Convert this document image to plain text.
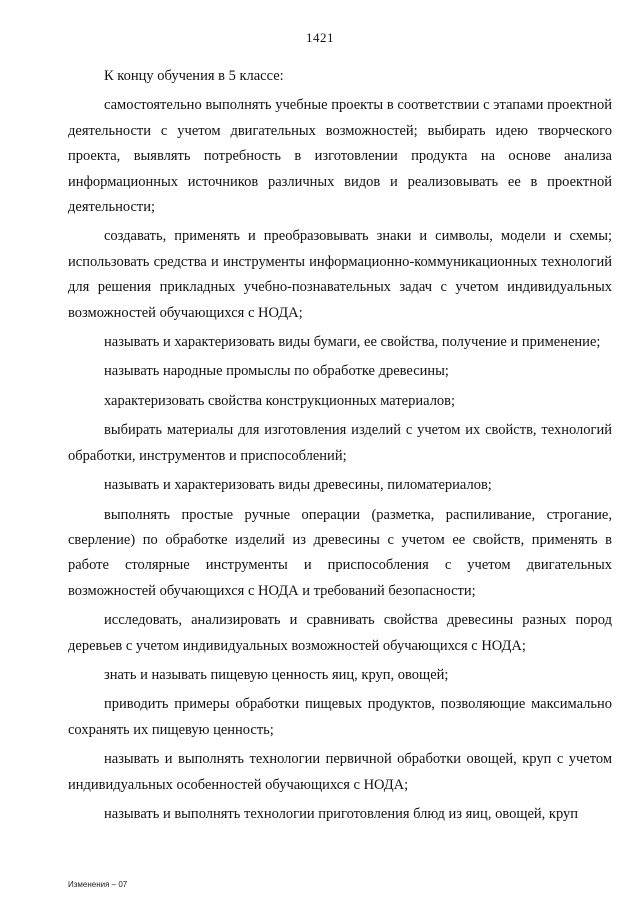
1421

К концу обучения в 5 классе:

самостоятельно выполнять учебные проекты в соответствии с этапами проектной деятельности с учетом двигательных возможностей; выбирать идею творческого проекта, выявлять потребность в изготовлении продукта на основе анализа информационных источников различных видов и реализовывать ее в проектной деятельности;

создавать, применять и преобразовывать знаки и символы, модели и схемы; использовать средства и инструменты информационно-коммуникационных технологий для решения прикладных учебно-познавательных задач с учетом индивидуальных возможностей обучающихся с НОДА;

называть и характеризовать виды бумаги, ее свойства, получение и применение;

называть народные промыслы по обработке древесины;

характеризовать свойства конструкционных материалов;

выбирать материалы для изготовления изделий с учетом их свойств, технологий обработки, инструментов и приспособлений;

называть и характеризовать виды древесины, пиломатериалов;

выполнять простые ручные операции (разметка, распиливание, строгание, сверление) по обработке изделий из древесины с учетом ее свойств, применять в работе столярные инструменты и приспособления с учетом двигательных возможностей обучающихся с НОДА и требований безопасности;

исследовать, анализировать и сравнивать свойства древесины разных пород деревьев с учетом индивидуальных возможностей обучающихся с НОДА;

знать и называть пищевую ценность яиц, круп, овощей;

приводить примеры обработки пищевых продуктов, позволяющие максимально сохранять их пищевую ценность;

называть и выполнять технологии первичной обработки овощей, круп с учетом индивидуальных особенностей обучающихся с НОДА;

называть и выполнять технологии приготовления блюд из яиц, овощей, круп

Изменения – 07
